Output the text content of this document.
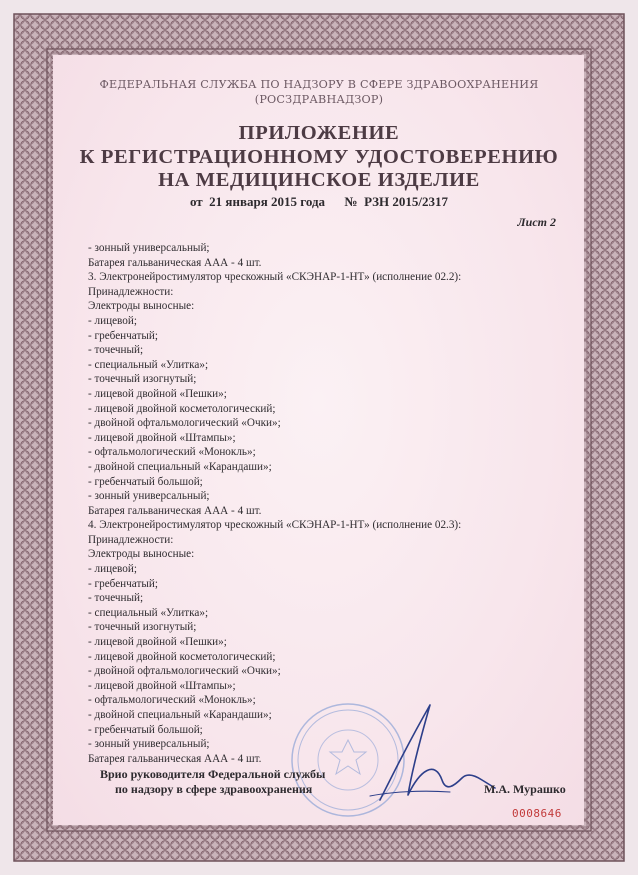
ФЕДЕРАЛЬНАЯ СЛУЖБА ПО НАДЗОРУ В СФЕРЕ ЗДРАВООХРАНЕНИЯ
(РОСЗДРАВНАДЗОР)
ПРИЛОЖЕНИЕ
К РЕГИСТРАЦИОННОМУ УДОСТОВЕРЕНИЮ
НА МЕДИЦИНСКОЕ ИЗДЕЛИЕ
от  21 января 2015 года      №  РЗН 2015/2317
Лист 2
- зонный универсальный;
Батарея гальваническая ААА - 4 шт.
3. Электронейростимулятор чрескожный «СКЭНАР-1-НТ» (исполнение 02.2):
Принадлежности:
Электроды выносные:
- лицевой;
- гребенчатый;
- точечный;
- специальный «Улитка»;
- точечный изогнутый;
- лицевой двойной «Пешки»;
- лицевой двойной косметологический;
- двойной офтальмологический «Очки»;
- лицевой двойной «Штампы»;
- офтальмологический «Монокль»;
- двойной специальный «Карандаши»;
- гребенчатый большой;
- зонный универсальный;
Батарея гальваническая ААА - 4 шт.
4. Электронейростимулятор чрескожный «СКЭНАР-1-НТ» (исполнение 02.3):
Принадлежности:
Электроды выносные:
- лицевой;
- гребенчатый;
- точечный;
- специальный «Улитка»;
- точечный изогнутый;
- лицевой двойной «Пешки»;
- лицевой двойной косметологический;
- двойной офтальмологический «Очки»;
- лицевой двойной «Штампы»;
- офтальмологический «Монокль»;
- двойной специальный «Карандаши»;
- гребенчатый большой;
- зонный универсальный;
Батарея гальваническая ААА - 4 шт.
Врио руководителя Федеральной службы
по надзору в сфере здравоохранения	М.А. Мурашко
0008646
